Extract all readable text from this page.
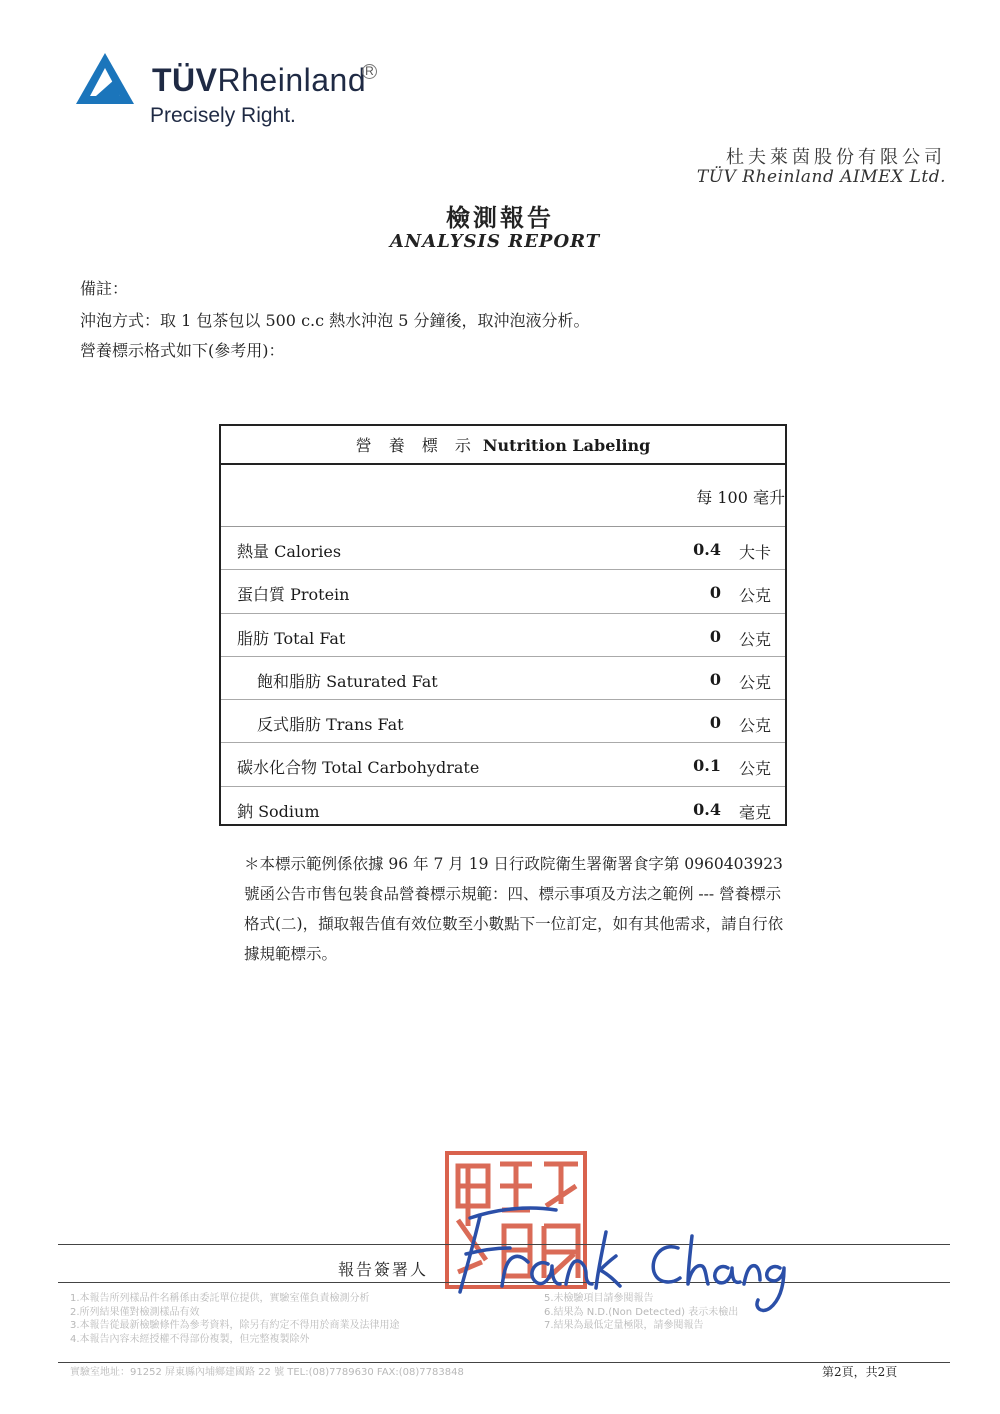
TÜVRheinland R
Precisely Right.
杜夫萊茵股份有限公司
TÜV Rheinland AIMEX Ltd.
檢測報告
ANALYSIS REPORT
備註：
沖泡方式：取 1 包茶包以 500 c.c 熱水沖泡 5 分鐘後，取沖泡液分析。
營養標示格式如下(參考用)：
營 養 標 示 Nutrition Labeling
每 100 毫升
熱量 Calories	0.4 大卡
蛋白質 Protein	0 公克
脂肪 Total Fat	0 公克
飽和脂肪 Saturated Fat	0 公克
反式脂肪 Trans Fat	0 公克
碳水化合物 Total Carbohydrate	0.1 公克
鈉 Sodium	0.4 毫克
＊本標示範例係依據 96 年 7 月 19 日行政院衛生署衛署食字第 0960403923 號函公告市售包裝食品營養標示規範：四、標示事項及方法之範例 --- 營養標示格式(二)，擷取報告值有效位數至小數點下一位訂定，如有其他需求，請自行依據規範標示。
報告簽署人
1.本報告所列樣品件名稱係由委託單位提供，實驗室僅負責檢測分析
2.所列結果僅對檢測樣品有效
3.本報告從最新檢驗條件為參考資料，除另有約定不得用於商業及法律用途
4.本報告內容未經授權不得部份複製，但完整複製除外
5.未檢驗項目請參閱報告
6.結果為 N.D.(Non Detected) 表示未檢出
7.結果為最低定量極限，請參閱報告
實驗室地址：91252 屏東縣內埔鄉建國路 22 號 TEL:(08)7789630 FAX:(08)7783848	第2頁，共2頁
